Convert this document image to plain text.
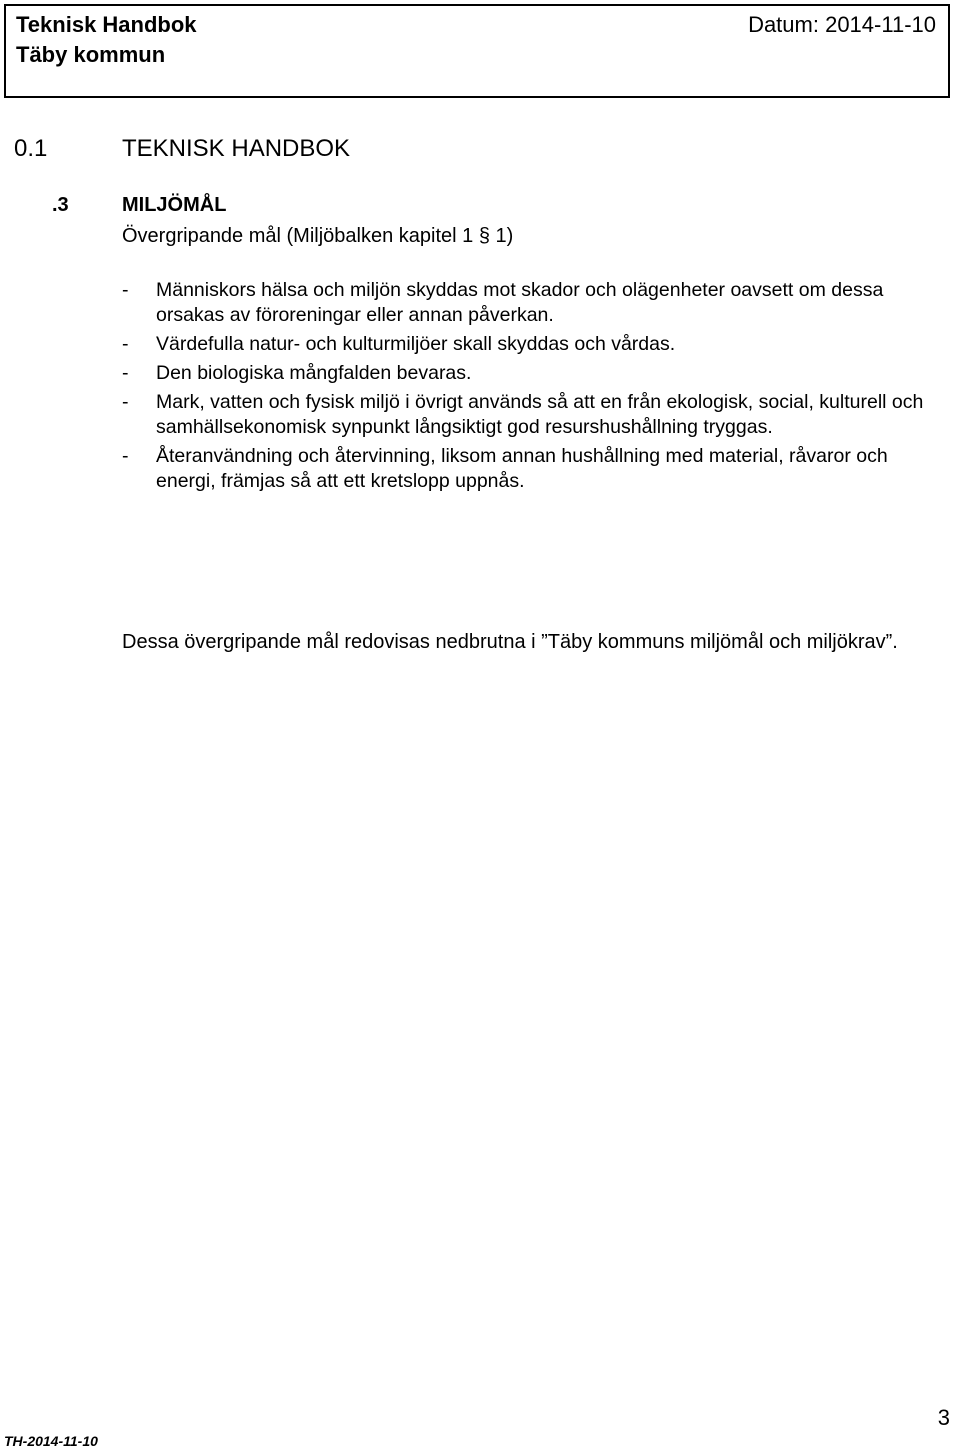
Teknisk Handbok
Täby kommun
Datum: 2014-11-10
0.1	TEKNISK HANDBOK
.3	MILJÖMÅL
Övergripande mål (Miljöbalken kapitel 1 § 1)
- Människors hälsa och miljön skyddas mot skador och olägenheter oavsett om dessa orsakas av föroreningar eller annan påverkan.
- Värdefulla natur- och kulturmiljöer skall skyddas och vårdas.
- Den biologiska mångfalden bevaras.
- Mark, vatten och fysisk miljö i övrigt används så att en från ekologisk, social, kulturell och samhällsekonomisk synpunkt långsiktigt god resurshushållning tryggas.
- Återanvändning och återvinning, liksom annan hushållning med material, råvaror och energi, främjas så att ett kretslopp uppnås.
Dessa övergripande mål redovisas nedbrutna i ”Täby kommuns miljömål och miljökrav”.
TH-2014-11-10
3
